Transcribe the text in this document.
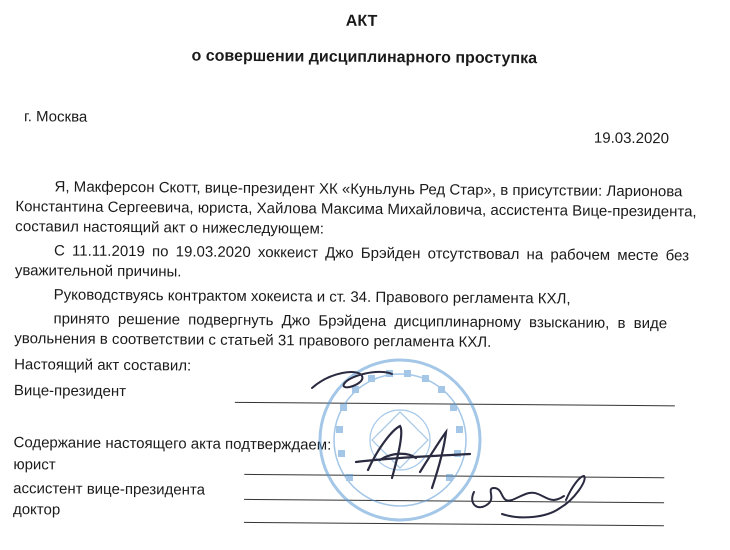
АКТ
о совершении дисциплинарного проступка
г. Москва
19.03.2020
Я, Макферсон Скотт, вице-президент ХК «Куньлунь Ред Стар», в присутствии: Ларионова
Константина Сергеевича, юриста, Хайлова Максима Михайловича, ассистента Вице-президента,
составил настоящий акт о нижеследующем:
С 11.11.2019 по 19.03.2020 хоккеист Джо Брэйден отсутствовал на рабочем месте без
уважительной причины.
Руководствуясь контрактом хокеиста и ст. 34. Правового регламента КХЛ,
принято решение подвергнуть Джо Брэйдена дисциплинарному взысканию, в виде
увольнения в соответствии с статьей 31 правового регламента КХЛ.
Настоящий акт составил:
Вице-президент
Содержание настоящего акта подтверждаем:
юрист
ассистент вице-президента
доктор
